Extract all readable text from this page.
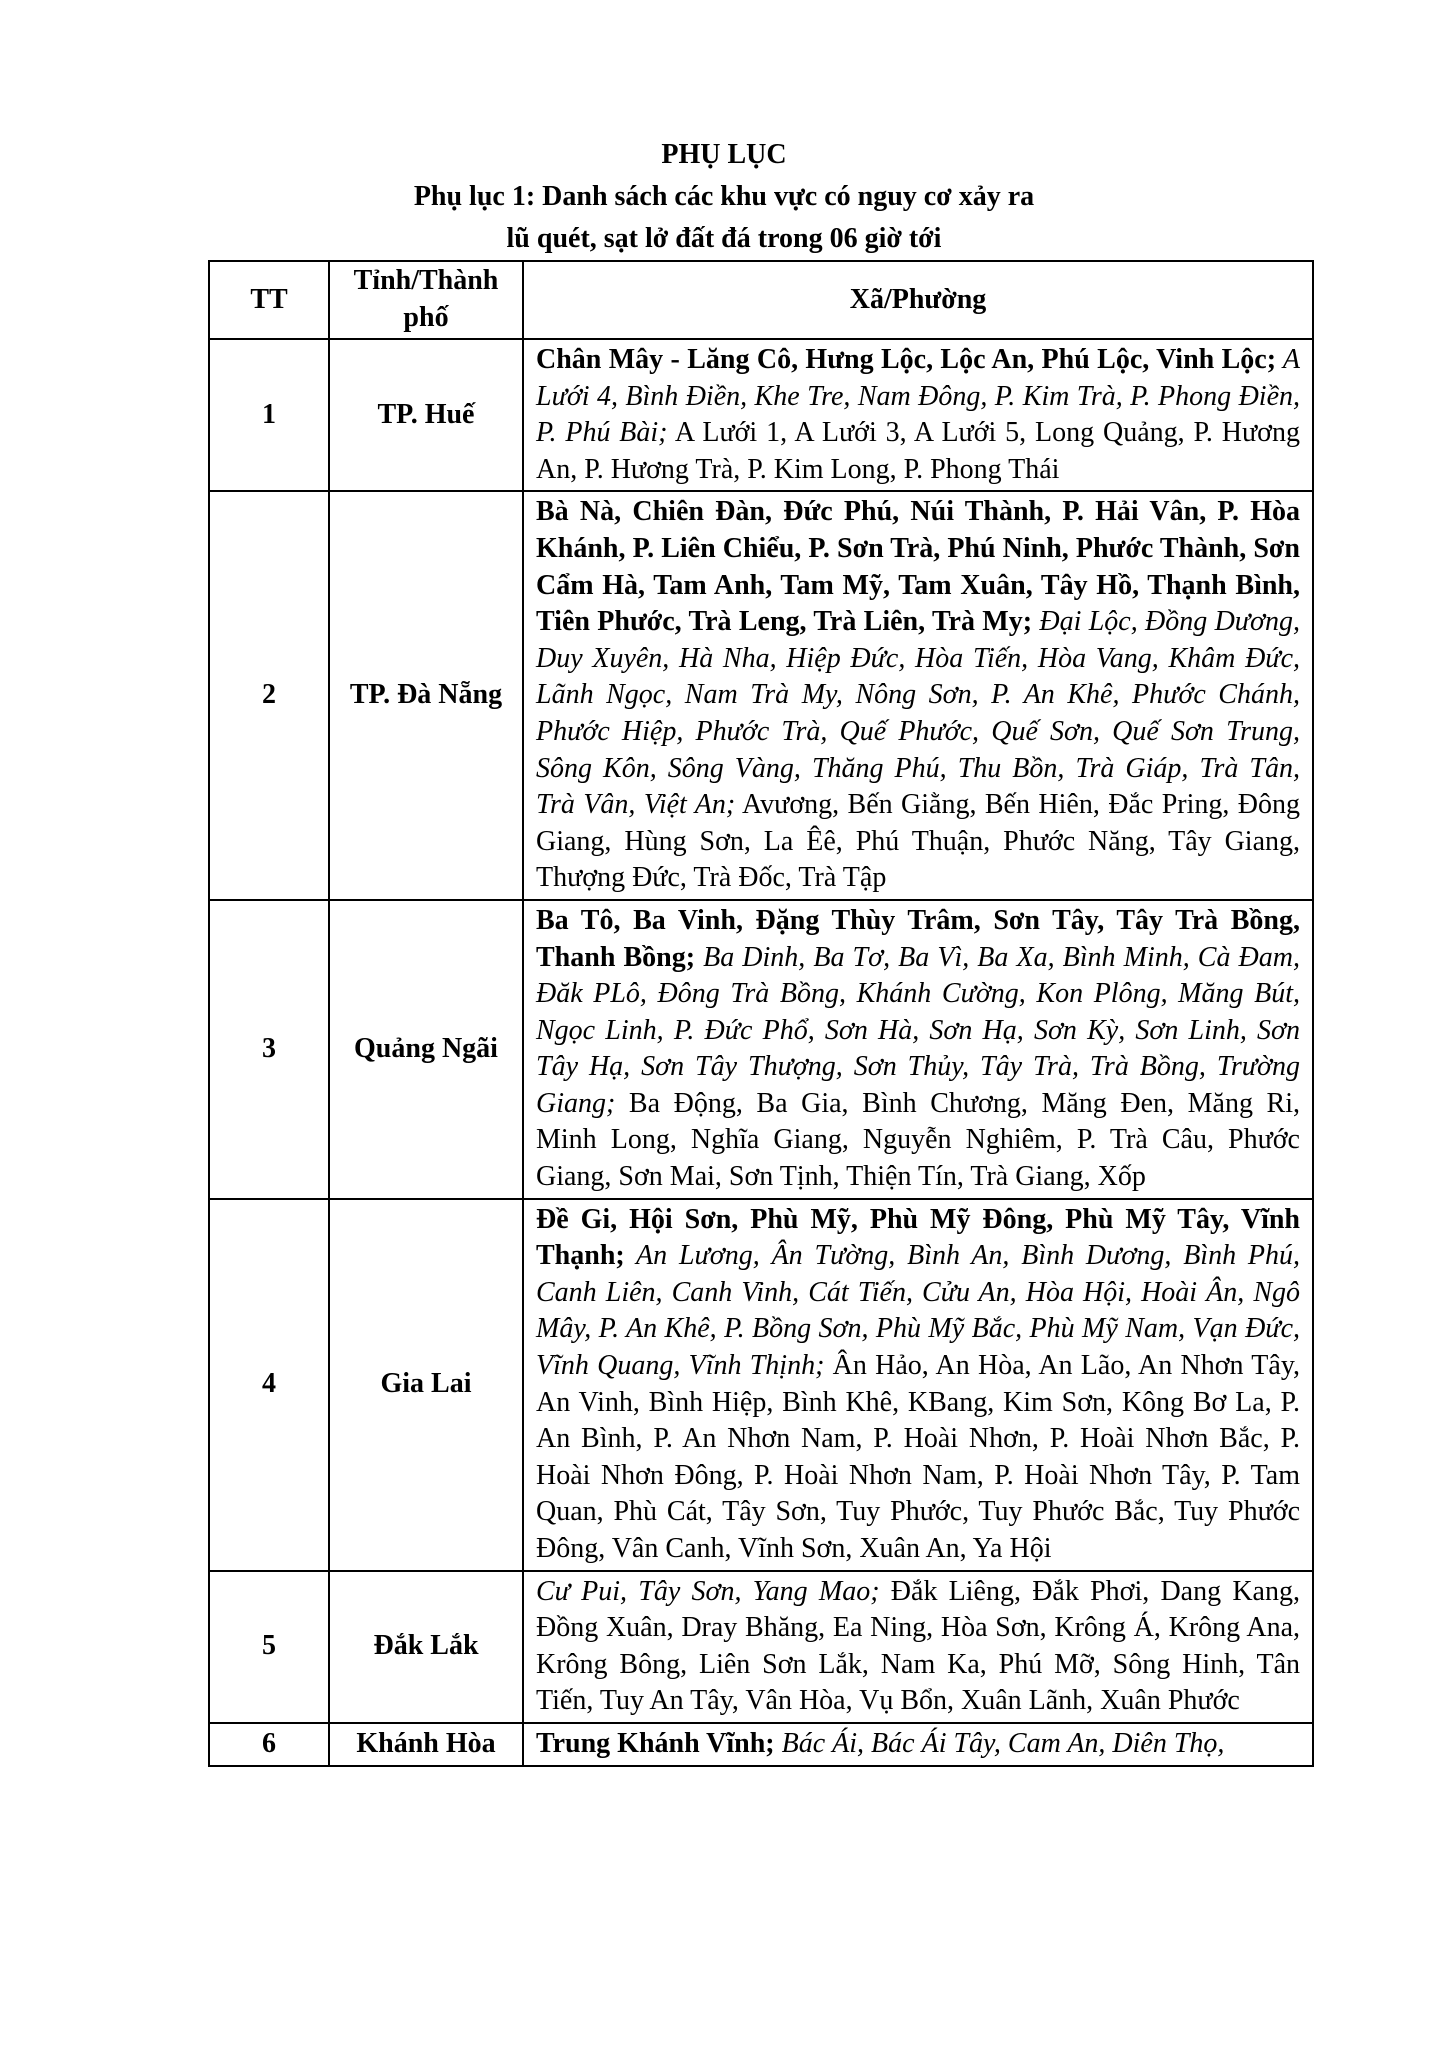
PHỤ LỤC
Phụ lục 1: Danh sách các khu vực có nguy cơ xảy ra
lũ quét, sạt lở đất đá trong 06 giờ tới
TT	Tỉnh/Thành phố	Xã/Phường
1	TP. Huế	Chân Mây - Lăng Cô, Hưng Lộc, Lộc An, Phú Lộc, Vinh Lộc; A Lưới 4, Bình Điền, Khe Tre, Nam Đông, P. Kim Trà, P. Phong Điền, P. Phú Bài; A Lưới 1, A Lưới 3, A Lưới 5, Long Quảng, P. Hương An, P. Hương Trà, P. Kim Long, P. Phong Thái
2	TP. Đà Nẵng	Bà Nà, Chiên Đàn, Đức Phú, Núi Thành, P. Hải Vân, P. Hòa Khánh, P. Liên Chiểu, P. Sơn Trà, Phú Ninh, Phước Thành, Sơn Cẩm Hà, Tam Anh, Tam Mỹ, Tam Xuân, Tây Hồ, Thạnh Bình, Tiên Phước, Trà Leng, Trà Liên, Trà My; Đại Lộc, Đồng Dương, Duy Xuyên, Hà Nha, Hiệp Đức, Hòa Tiến, Hòa Vang, Khâm Đức, Lãnh Ngọc, Nam Trà My, Nông Sơn, P. An Khê, Phước Chánh, Phước Hiệp, Phước Trà, Quế Phước, Quế Sơn, Quế Sơn Trung, Sông Kôn, Sông Vàng, Thăng Phú, Thu Bồn, Trà Giáp, Trà Tân, Trà Vân, Việt An; Avương, Bến Giằng, Bến Hiên, Đắc Pring, Đông Giang, Hùng Sơn, La Êê, Phú Thuận, Phước Năng, Tây Giang, Thượng Đức, Trà Đốc, Trà Tập
3	Quảng Ngãi	Ba Tô, Ba Vinh, Đặng Thùy Trâm, Sơn Tây, Tây Trà Bồng, Thanh Bồng; Ba Dinh, Ba Tơ, Ba Vì, Ba Xa, Bình Minh, Cà Đam, Đăk PLô, Đông Trà Bồng, Khánh Cường, Kon Plông, Măng Bút, Ngọc Linh, P. Đức Phổ, Sơn Hà, Sơn Hạ, Sơn Kỳ, Sơn Linh, Sơn Tây Hạ, Sơn Tây Thượng, Sơn Thủy, Tây Trà, Trà Bồng, Trường Giang; Ba Động, Ba Gia, Bình Chương, Măng Đen, Măng Ri, Minh Long, Nghĩa Giang, Nguyễn Nghiêm, P. Trà Câu, Phước Giang, Sơn Mai, Sơn Tịnh, Thiện Tín, Trà Giang, Xốp
4	Gia Lai	Đề Gi, Hội Sơn, Phù Mỹ, Phù Mỹ Đông, Phù Mỹ Tây, Vĩnh Thạnh; An Lương, Ân Tường, Bình An, Bình Dương, Bình Phú, Canh Liên, Canh Vinh, Cát Tiến, Cửu An, Hòa Hội, Hoài Ân, Ngô Mây, P. An Khê, P. Bồng Sơn, Phù Mỹ Bắc, Phù Mỹ Nam, Vạn Đức, Vĩnh Quang, Vĩnh Thịnh; Ân Hảo, An Hòa, An Lão, An Nhơn Tây, An Vinh, Bình Hiệp, Bình Khê, KBang, Kim Sơn, Kông Bơ La, P. An Bình, P. An Nhơn Nam, P. Hoài Nhơn, P. Hoài Nhơn Bắc, P. Hoài Nhơn Đông, P. Hoài Nhơn Nam, P. Hoài Nhơn Tây, P. Tam Quan, Phù Cát, Tây Sơn, Tuy Phước, Tuy Phước Bắc, Tuy Phước Đông, Vân Canh, Vĩnh Sơn, Xuân An, Ya Hội
5	Đắk Lắk	Cư Pui, Tây Sơn, Yang Mao; Đắk Liêng, Đắk Phơi, Dang Kang, Đồng Xuân, Dray Bhăng, Ea Ning, Hòa Sơn, Krông Á, Krông Ana, Krông Bông, Liên Sơn Lắk, Nam Ka, Phú Mỡ, Sông Hinh, Tân Tiến, Tuy An Tây, Vân Hòa, Vụ Bổn, Xuân Lãnh, Xuân Phước
6	Khánh Hòa	Trung Khánh Vĩnh; Bác Ái, Bác Ái Tây, Cam An, Diên Thọ,
